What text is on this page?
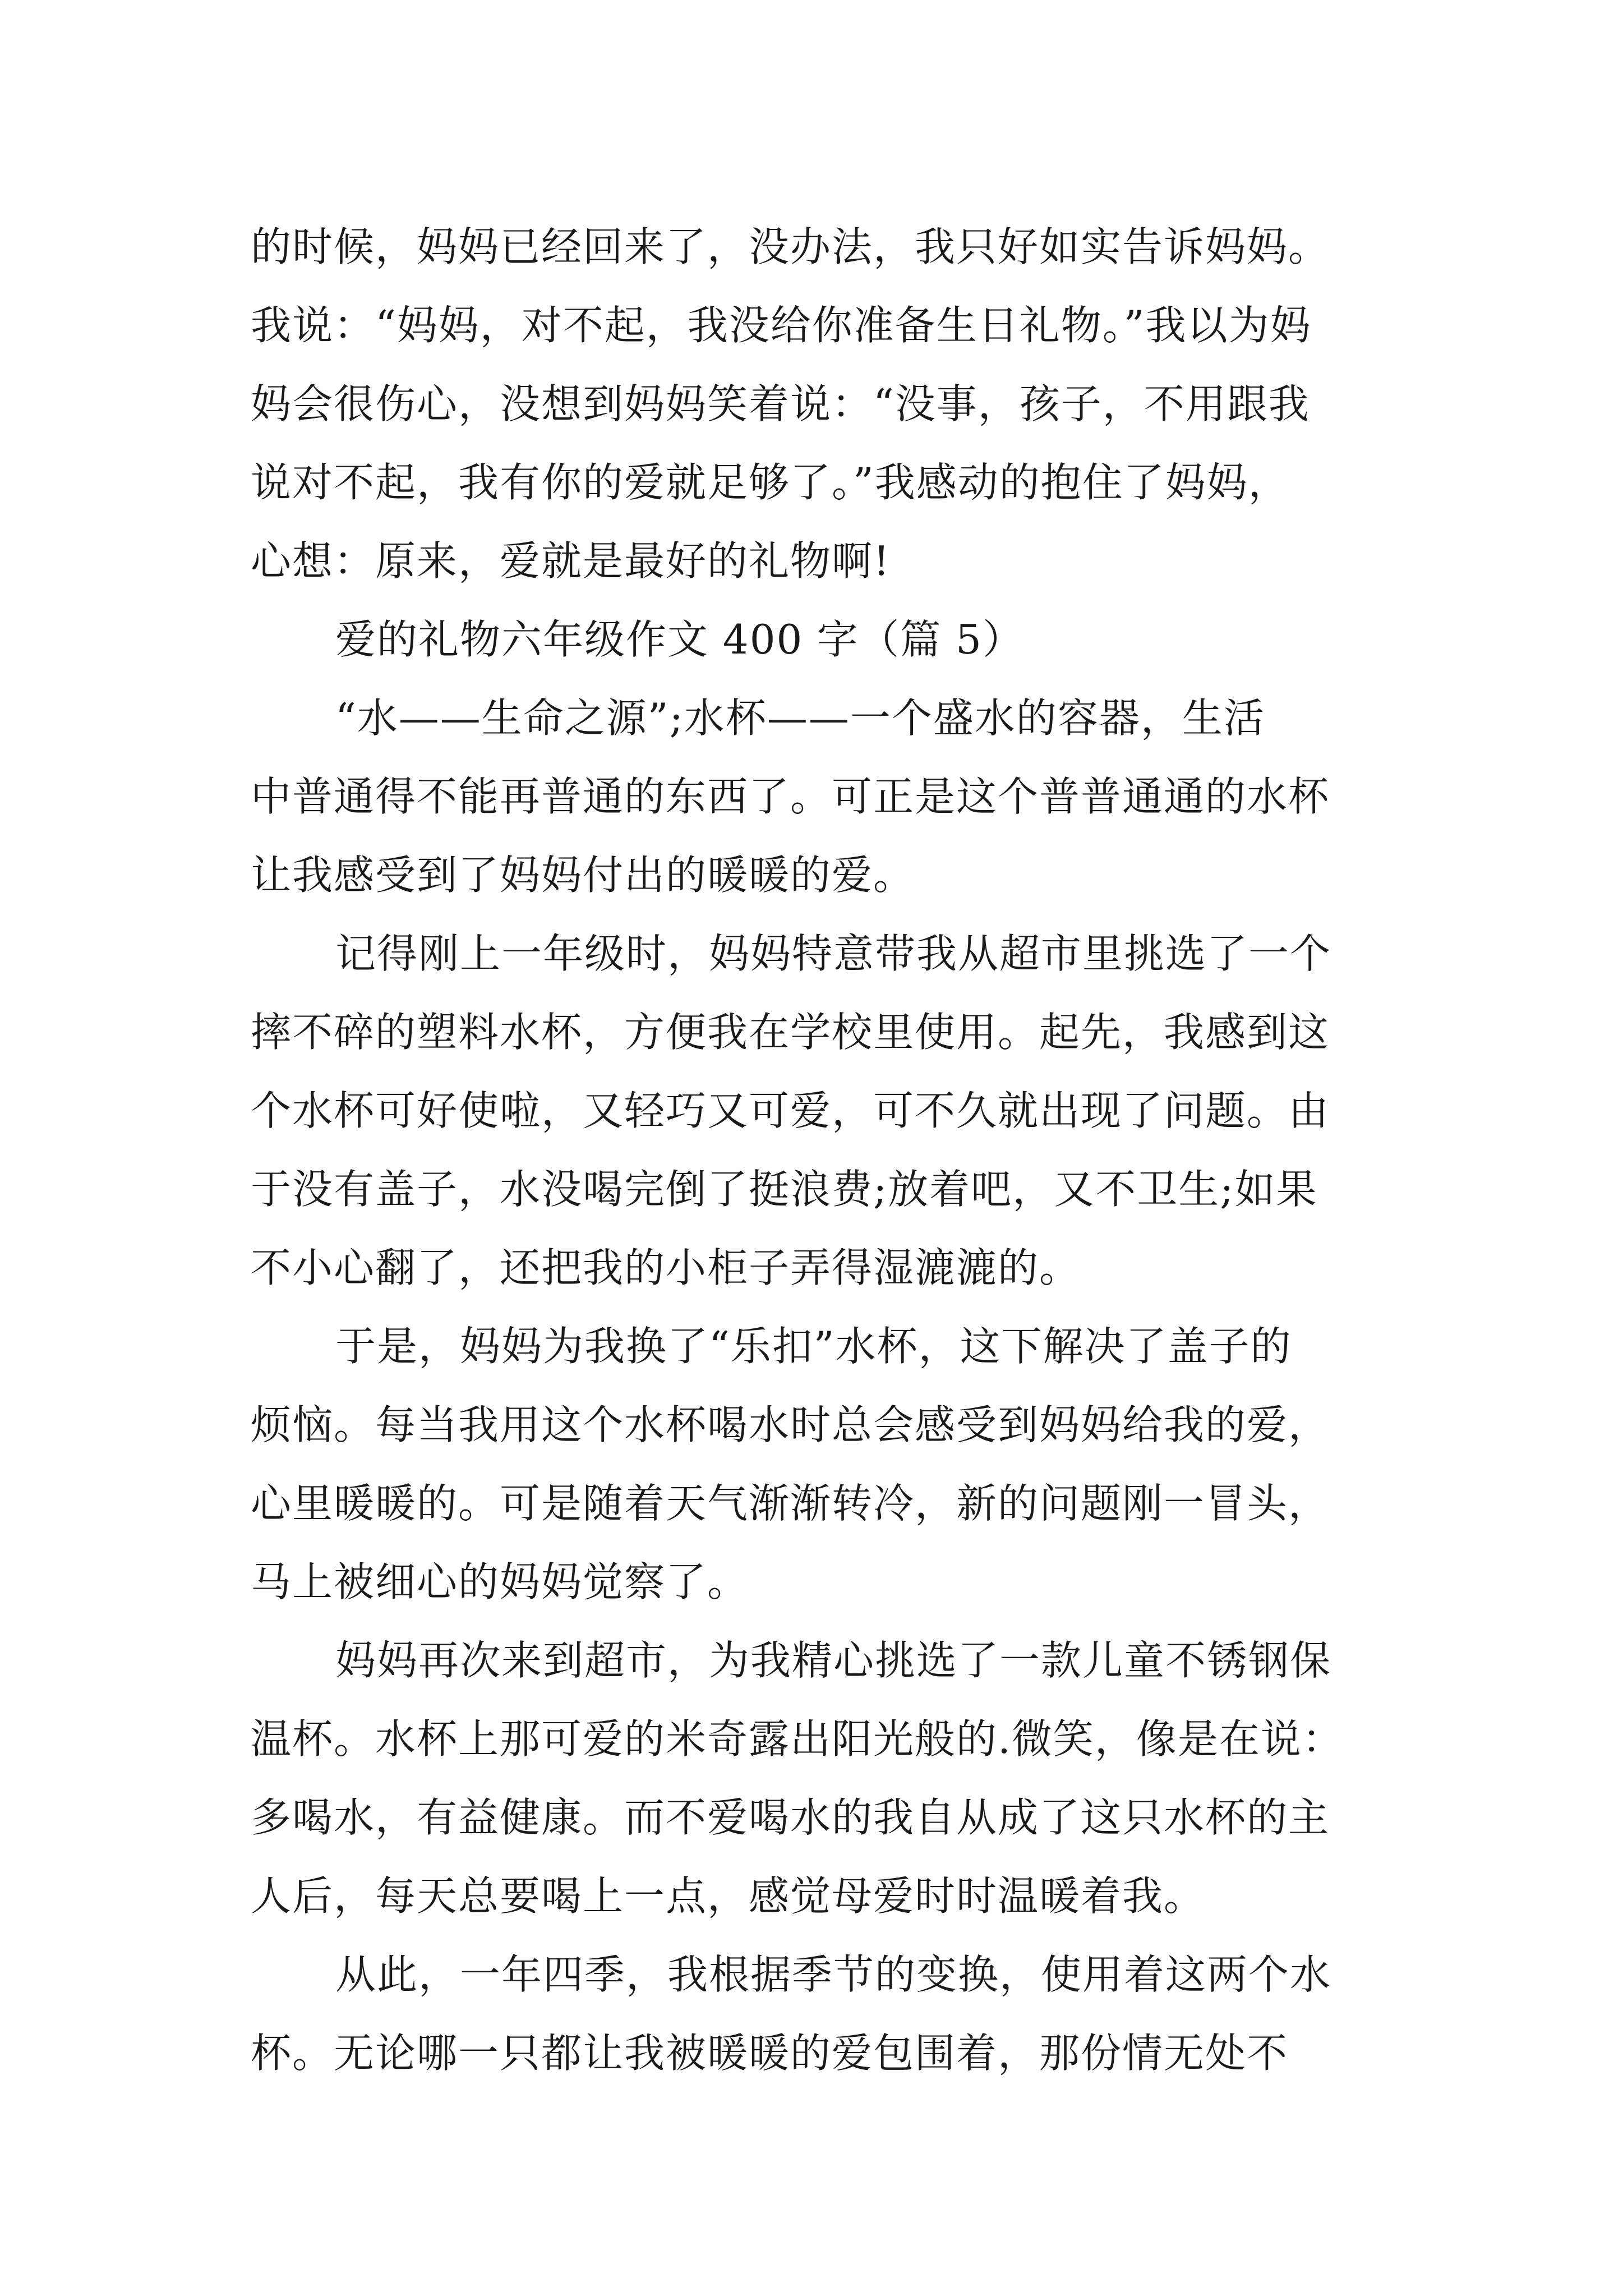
的时候，妈妈已经回来了，没办法，我只好如实告诉妈妈。
我说：“妈妈，对不起，我没给你准备生日礼物。”我以为妈
妈会很伤心，没想到妈妈笑着说：“没事，孩子，不用跟我
说对不起，我有你的爱就足够了。”我感动的抱住了妈妈，
心想：原来，爱就是最好的礼物啊!
爱的礼物六年级作文 400 字（篇 5）
“水——生命之源”;水杯——一个盛水的容器，生活
中普通得不能再普通的东西了。可正是这个普普通通的水杯
让我感受到了妈妈付出的暖暖的爱。
记得刚上一年级时，妈妈特意带我从超市里挑选了一个
摔不碎的塑料水杯，方便我在学校里使用。起先，我感到这
个水杯可好使啦，又轻巧又可爱，可不久就出现了问题。由
于没有盖子，水没喝完倒了挺浪费;放着吧，又不卫生;如果
不小心翻了，还把我的小柜子弄得湿漉漉的。
于是，妈妈为我换了“乐扣”水杯，这下解决了盖子的
烦恼。每当我用这个水杯喝水时总会感受到妈妈给我的爱，
心里暖暖的。可是随着天气渐渐转冷，新的问题刚一冒头，
马上被细心的妈妈觉察了。
妈妈再次来到超市，为我精心挑选了一款儿童不锈钢保
温杯。水杯上那可爱的米奇露出阳光般的.微笑，像是在说：
多喝水，有益健康。而不爱喝水的我自从成了这只水杯的主
人后，每天总要喝上一点，感觉母爱时时温暖着我。
从此，一年四季，我根据季节的变换，使用着这两个水
杯。无论哪一只都让我被暖暖的爱包围着，那份情无处不
